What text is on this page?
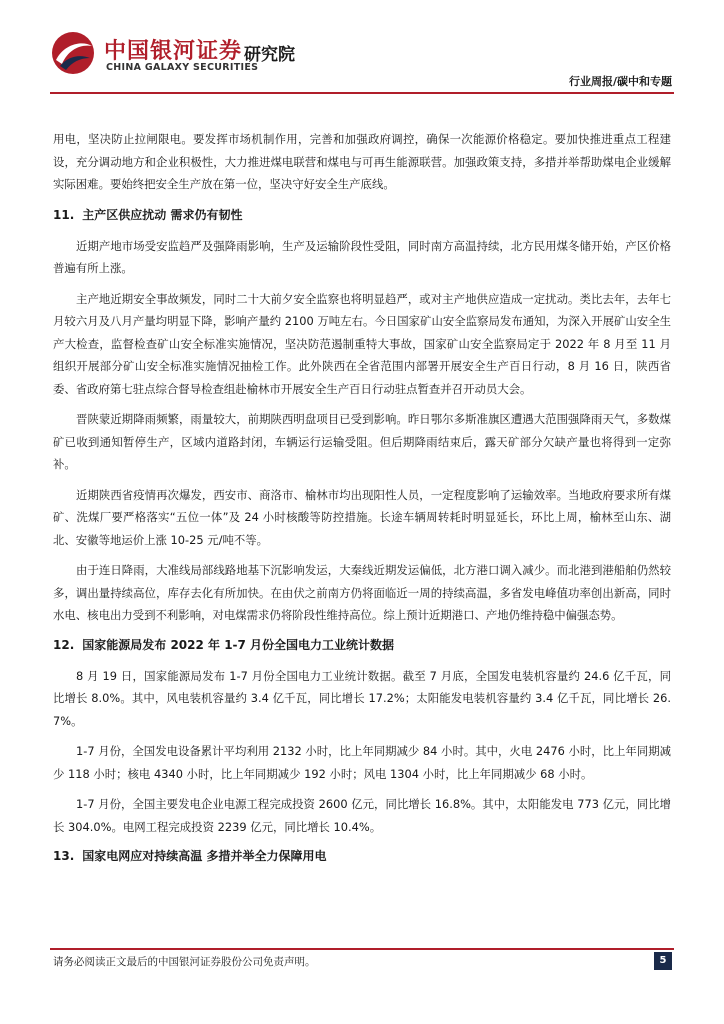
中国银河证券 研究院
CHINA GALAXY SECURITIES
行业周报/碳中和专题

用电，坚决防止拉闸限电。要发挥市场机制作用，完善和加强政府调控，确保一次能源价格稳定。要加快推进重点工程建设，充分调动地方和企业积极性，大力推进煤电联营和煤电与可再生能源联营。加强政策支持，多措并举帮助煤电企业缓解实际困难。要始终把安全生产放在第一位，坚决守好安全生产底线。

11. 主产区供应扰动 需求仍有韧性

近期产地市场受安监趋严及强降雨影响，生产及运输阶段性受阻，同时南方高温持续，北方民用煤冬储开始，产区价格普遍有所上涨。

主产地近期安全事故频发，同时二十大前夕安全监察也将明显趋严，或对主产地供应造成一定扰动。类比去年，去年七月较六月及八月产量均明显下降，影响产量约 2100 万吨左右。今日国家矿山安全监察局发布通知，为深入开展矿山安全生产大检查，监督检查矿山安全标准实施情况，坚决防范遏制重特大事故，国家矿山安全监察局定于 2022 年 8 月至 11 月组织开展部分矿山安全标准实施情况抽检工作。此外陕西在全省范围内部署开展安全生产百日行动，8 月 16 日，陕西省委、省政府第七驻点综合督导检查组赴榆林市开展安全生产百日行动驻点暂查并召开动员大会。

晋陕蒙近期降雨频繁，雨量较大，前期陕西明盘项目已受到影响。昨日鄂尔多斯准旗区遭遇大范围强降雨天气，多数煤矿已收到通知暂停生产，区域内道路封闭，车辆运行运输受阻。但后期降雨结束后，露天矿部分欠缺产量也将得到一定弥补。

近期陕西省疫情再次爆发，西安市、商洛市、榆林市均出现阳性人员，一定程度影响了运输效率。当地政府要求所有煤矿、洗煤厂要严格落实“五位一体”及 24 小时核酸等防控措施。长途车辆周转耗时明显延长，环比上周，榆林至山东、湖北、安徽等地运价上涨 10-25 元/吨不等。

由于连日降雨，大准线局部线路地基下沉影响发运，大秦线近期发运偏低，北方港口调入减少。而北港到港船舶仍然较多，调出量持续高位，库存去化有所加快。在由伏之前南方仍将面临近一周的持续高温，多省发电峰值功率创出新高，同时水电、核电出力受到不利影响，对电煤需求仍将阶段性维持高位。综上预计近期港口、产地仍维持稳中偏强态势。

12. 国家能源局发布 2022 年 1-7 月份全国电力工业统计数据

8 月 19 日，国家能源局发布 1-7 月份全国电力工业统计数据。截至 7 月底，全国发电装机容量约 24.6 亿千瓦，同比增长 8.0%。其中，风电装机容量约 3.4 亿千瓦，同比增长 17.2%；太阳能发电装机容量约 3.4 亿千瓦，同比增长 26.7%。

1-7 月份，全国发电设备累计平均利用 2132 小时，比上年同期减少 84 小时。其中，火电 2476 小时，比上年同期减少 118 小时；核电 4340 小时，比上年同期减少 192 小时；风电 1304 小时，比上年同期减少 68 小时。

1-7 月份，全国主要发电企业电源工程完成投资 2600 亿元，同比增长 16.8%。其中，太阳能发电 773 亿元，同比增长 304.0%。电网工程完成投资 2239 亿元，同比增长 10.4%。

13. 国家电网应对持续高温 多措并举全力保障用电
请务必阅读正文最后的中国银河证券股份公司免责声明。	5
